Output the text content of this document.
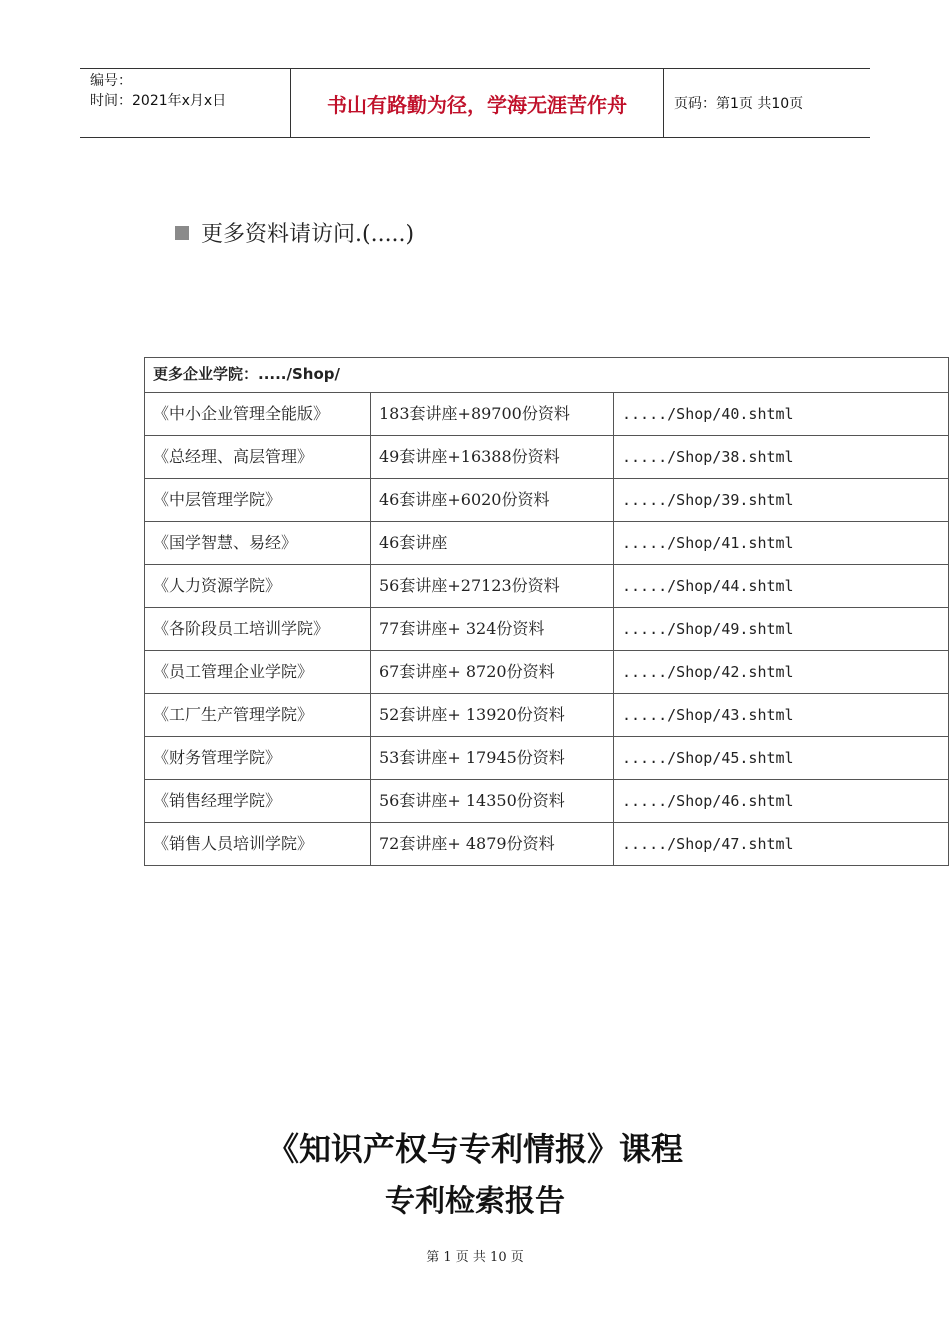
编号：
时间：2021年x月x日	书山有路勤为径，学海无涯苦作舟	页码：第1页 共10页
更多资料请访问.(.....)
更多企业学院：...../Shop/		
《中小企业管理全能版》	183套讲座+89700份资料	...../Shop/40.shtml
《总经理、高层管理》	49套讲座+16388份资料	...../Shop/38.shtml
《中层管理学院》	46套讲座+6020份资料	...../Shop/39.shtml
《国学智慧、易经》	46套讲座	...../Shop/41.shtml
《人力资源学院》	56套讲座+27123份资料	...../Shop/44.shtml
《各阶段员工培训学院》	77套讲座+ 324份资料	...../Shop/49.shtml
《员工管理企业学院》	67套讲座+ 8720份资料	...../Shop/42.shtml
《工厂生产管理学院》	52套讲座+ 13920份资料	...../Shop/43.shtml
《财务管理学院》	53套讲座+ 17945份资料	...../Shop/45.shtml
《销售经理学院》	56套讲座+ 14350份资料	...../Shop/46.shtml
《销售人员培训学院》	72套讲座+ 4879份资料	...../Shop/47.shtml
《知识产权与专利情报》课程
专利检索报告
第 1 页 共 10 页
